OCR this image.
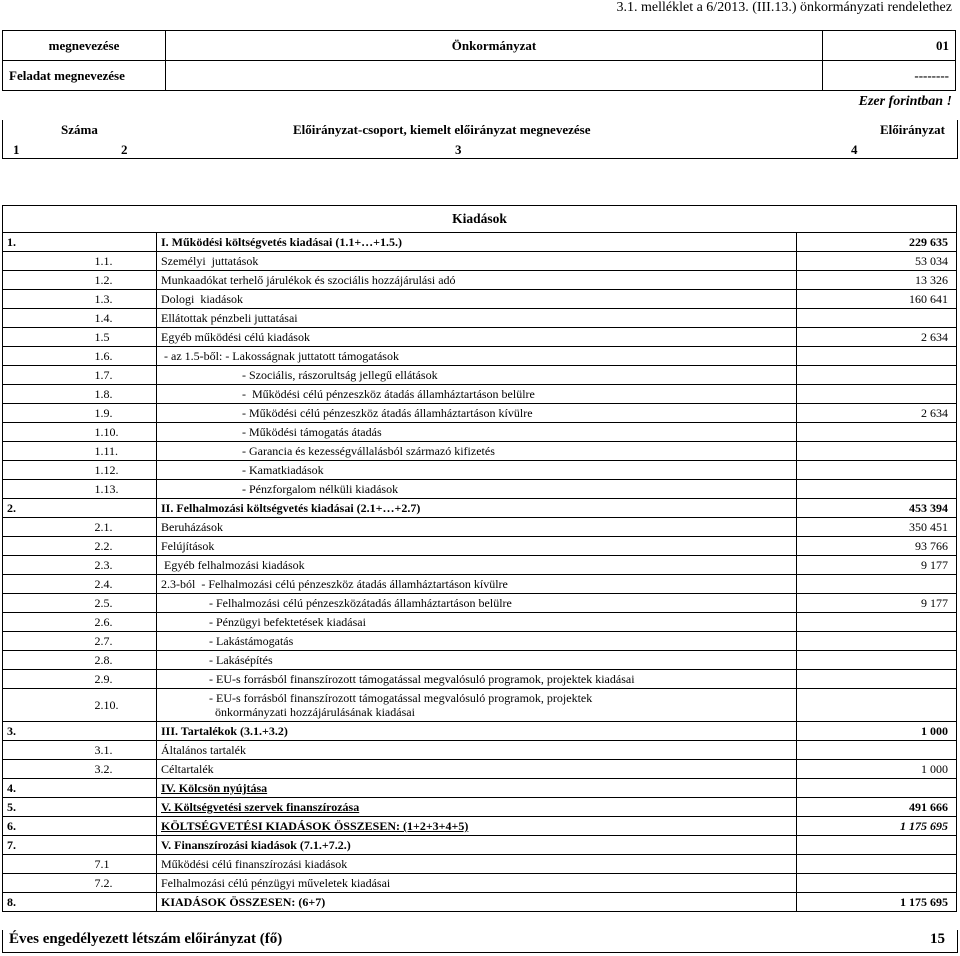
3.1. melléklet a 6/2013. (III.13.) önkormányzati rendelethez
megnevezése	Önkormányzat	01
Feladat megnevezése		--------
Ezer forintban !
Száma	Előirányzat-csoport, kiemelt előirányzat megnevezése	Előirányzat
1	2	3	4
Kiadások			
1.		I. Működési költségvetés kiadásai (1.1+…+1.5.)	229 635
	1.1.	Személyi  juttatások	53 034
	1.2.	Munkaadókat terhelő járulékok és szociális hozzájárulási adó	13 326
	1.3.	Dologi  kiadások	160 641
	1.4.	Ellátottak pénzbeli juttatásai	
	1.5	Egyéb működési célú kiadások	2 634
	1.6.	- az 1.5-ből: - Lakosságnak juttatott támogatások	
	1.7.	- Szociális, rászorultság jellegű ellátások	
	1.8.	-  Működési célú pénzeszköz átadás államháztartáson belülre	
	1.9.	- Működési célú pénzeszköz átadás államháztartáson kívülre	2 634
	1.10.	- Működési támogatás átadás	
	1.11.	- Garancia és kezességvállalásból származó kifizetés	
	1.12.	- Kamatkiadások	
	1.13.	- Pénzforgalom nélküli kiadások	
2.		II. Felhalmozási költségvetés kiadásai (2.1+…+2.7)	453 394
	2.1.	Beruházások	350 451
	2.2.	Felújítások	93 766
	2.3.	Egyéb felhalmozási kiadások	9 177
	2.4.	2.3-ból  - Felhalmozási célú pénzeszköz átadás államháztartáson kívülre	
	2.5.	- Felhalmozási célú pénzeszközátadás államháztartáson belülre	9 177
	2.6.	- Pénzügyi befektetések kiadásai	
	2.7.	- Lakástámogatás	
	2.8.	- Lakásépítés	
	2.9.	- EU-s forrásból finanszírozott támogatással megvalósuló programok, projektek kiadásai	
	2.10.	- EU-s forrásból finanszírozott támogatással megvalósuló programok, projektek
önkormányzati hozzájárulásának kiadásai	
3.		III. Tartalékok (3.1.+3.2)	1 000
	3.1.	Általános tartalék	
	3.2.	Céltartalék	1 000
4.		IV. Kölcsön nyújtása	
5.		V. Költségvetési szervek finanszírozása	491 666
6.		KÖLTSÉGVETÉSI KIADÁSOK ÖSSZESEN: (1+2+3+4+5)	1 175 695
7.		V. Finanszírozási kiadások (7.1.+7.2.)	
	7.1	Működési célú finanszírozási kiadások	
	7.2.	Felhalmozási célú pénzügyi műveletek kiadásai	
8.		KIADÁSOK ÖSSZESEN: (6+7)	1 175 695
Éves engedélyezett létszám előirányzat (fő)	15
